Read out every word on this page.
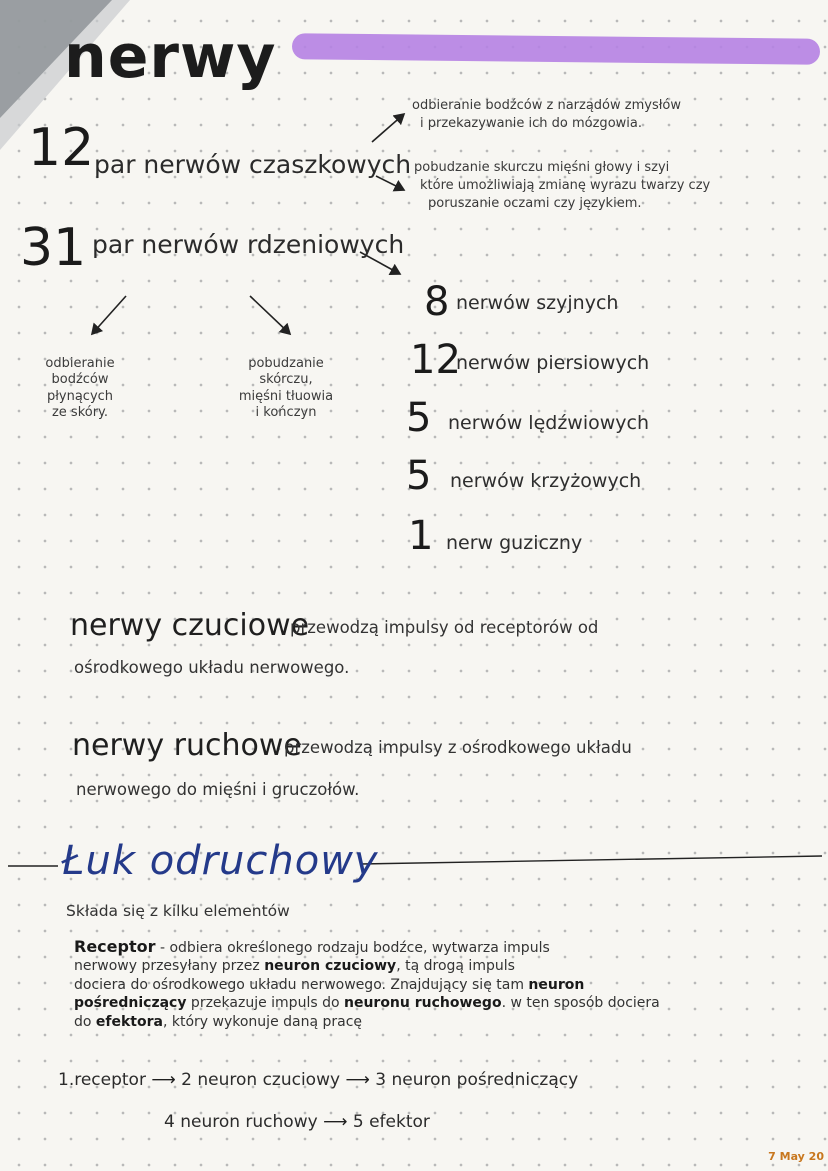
nerwy
12 par nerwów czaszkowych
odbieranie bodźców z narządów zmysłów
i przekazywanie ich do mózgowia.
pobudzanie skurczu mięśni głowy i szyi
które umożliwiają zmianę wyrazu twarzy czy
poruszanie oczami czy językiem.
31 par nerwów rdzeniowych
odbieranie
bodźców
płynących
ze skóry.
pobudzanie
skórczu,
mięśni tłuowia
i kończyn
8 nerwów szyjnych
12
nerwów piersiowych
5 nerwów lędźwiowych
5 nerwów krzyżowych
1 nerw guziczny
nerwy czuciowe
przewodzą impulsy od receptorów od
ośrodkowego układu nerwowego.
nerwy ruchowe
przewodzą impulsy z ośrodkowego układu
nerwowego do mięśni i gruczołów.
Łuk odruchowy
Składa się z kilku elementów
Receptor - odbiera określonego rodzaju bodźce, wytwarza impuls
nerwowy przesyłany przez neuron czuciowy, tą drogą impuls
dociera do ośrodkowego układu nerwowego. Znajdujący się tam neuron
pośredniczący przekazuje impuls do neuronu ruchowego. w ten sposób dociera
do efektora, który wykonuje daną pracę
1.receptor ⟶ 2 neuron czuciowy ⟶ 3 neuron pośredniczący
4 neuron ruchowy ⟶ 5 efektor
7 May 20
